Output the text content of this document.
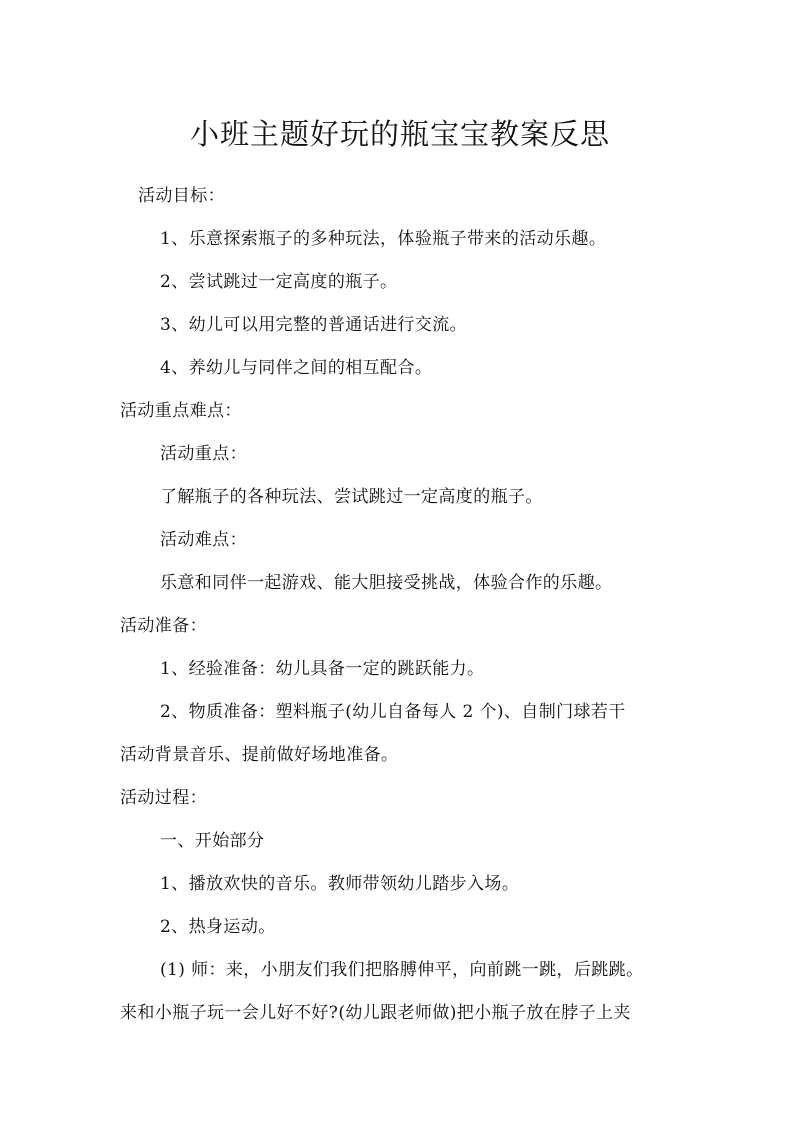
小班主题好玩的瓶宝宝教案反思
活动目标：
1、乐意探索瓶子的多种玩法，体验瓶子带来的活动乐趣。
2、尝试跳过一定高度的瓶子。
3、幼儿可以用完整的普通话进行交流。
4、养幼儿与同伴之间的相互配合。
活动重点难点：
活动重点：
了解瓶子的各种玩法、尝试跳过一定高度的瓶子。
活动难点：
乐意和同伴一起游戏、能大胆接受挑战，体验合作的乐趣。
活动准备：
1、经验准备：幼儿具备一定的跳跃能力。
2、物质准备：塑料瓶子(幼儿自备每人 2 个)、自制门球若干
活动背景音乐、提前做好场地准备。
活动过程：
一、开始部分
1、播放欢快的音乐。教师带领幼儿踏步入场。
2、热身运动。
(1) 师：来，小朋友们我们把胳膊伸平，向前跳一跳，后跳跳。
来和小瓶子玩一会儿好不好?(幼儿跟老师做)把小瓶子放在脖子上夹
